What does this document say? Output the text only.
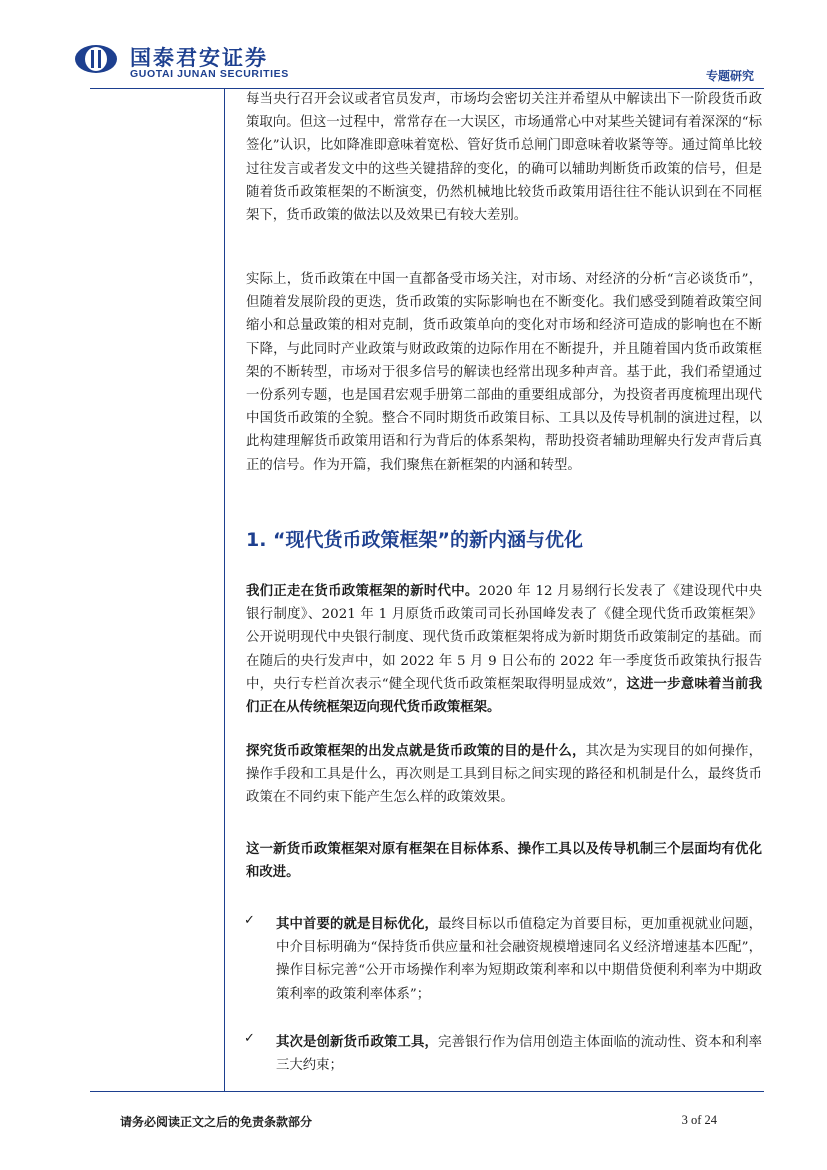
国泰君安证券
GUOTAI JUNAN SECURITIES	专题研究

每当央行召开会议或者官员发声，市场均会密切关注并希望从中解读出下一阶段货币政策取向。但这一过程中，常常存在一大误区，市场通常心中对某些关键词有着深深的“标签化”认识，比如降准即意味着宽松、管好货币总闸门即意味着收紧等等。通过简单比较过往发言或者发文中的这些关键措辞的变化，的确可以辅助判断货币政策的信号，但是随着货币政策框架的不断演变，仍然机械地比较货币政策用语往往不能认识到在不同框架下，货币政策的做法以及效果已有较大差别。

实际上，货币政策在中国一直都备受市场关注，对市场、对经济的分析“言必谈货币”，但随着发展阶段的更迭，货币政策的实际影响也在不断变化。我们感受到随着政策空间缩小和总量政策的相对克制，货币政策单向的变化对市场和经济可造成的影响也在不断下降，与此同时产业政策与财政政策的边际作用在不断提升，并且随着国内货币政策框架的不断转型，市场对于很多信号的解读也经常出现多种声音。基于此，我们希望通过一份系列专题，也是国君宏观手册第二部曲的重要组成部分，为投资者再度梳理出现代中国货币政策的全貌。整合不同时期货币政策目标、工具以及传导机制的演进过程，以此构建理解货币政策用语和行为背后的体系架构，帮助投资者辅助理解央行发声背后真正的信号。作为开篇，我们聚焦在新框架的内涵和转型。

1. “现代货币政策框架”的新内涵与优化

我们正走在货币政策框架的新时代中。2020 年 12 月易纲行长发表了《建设现代中央银行制度》、2021 年 1 月原货币政策司司长孙国峰发表了《健全现代货币政策框架》公开说明现代中央银行制度、现代货币政策框架将成为新时期货币政策制定的基础。而在随后的央行发声中，如 2022 年 5 月 9 日公布的 2022 年一季度货币政策执行报告中，央行专栏首次表示“健全现代货币政策框架取得明显成效”，这进一步意味着当前我们正在从传统框架迈向现代货币政策框架。

探究货币政策框架的出发点就是货币政策的目的是什么，其次是为实现目的如何操作，操作手段和工具是什么，再次则是工具到目标之间实现的路径和机制是什么，最终货币政策在不同约束下能产生怎么样的政策效果。

这一新货币政策框架对原有框架在目标体系、操作工具以及传导机制三个层面均有优化和改进。

✓ 其中首要的就是目标优化，最终目标以币值稳定为首要目标，更加重视就业问题，中介目标明确为“保持货币供应量和社会融资规模增速同名义经济增速基本匹配”，操作目标完善“公开市场操作利率为短期政策利率和以中期借贷便利利率为中期政策利率的政策利率体系”；

✓ 其次是创新货币政策工具，完善银行作为信用创造主体面临的流动性、资本和利率三大约束；

请务必阅读正文之后的免责条款部分	3 of 24
